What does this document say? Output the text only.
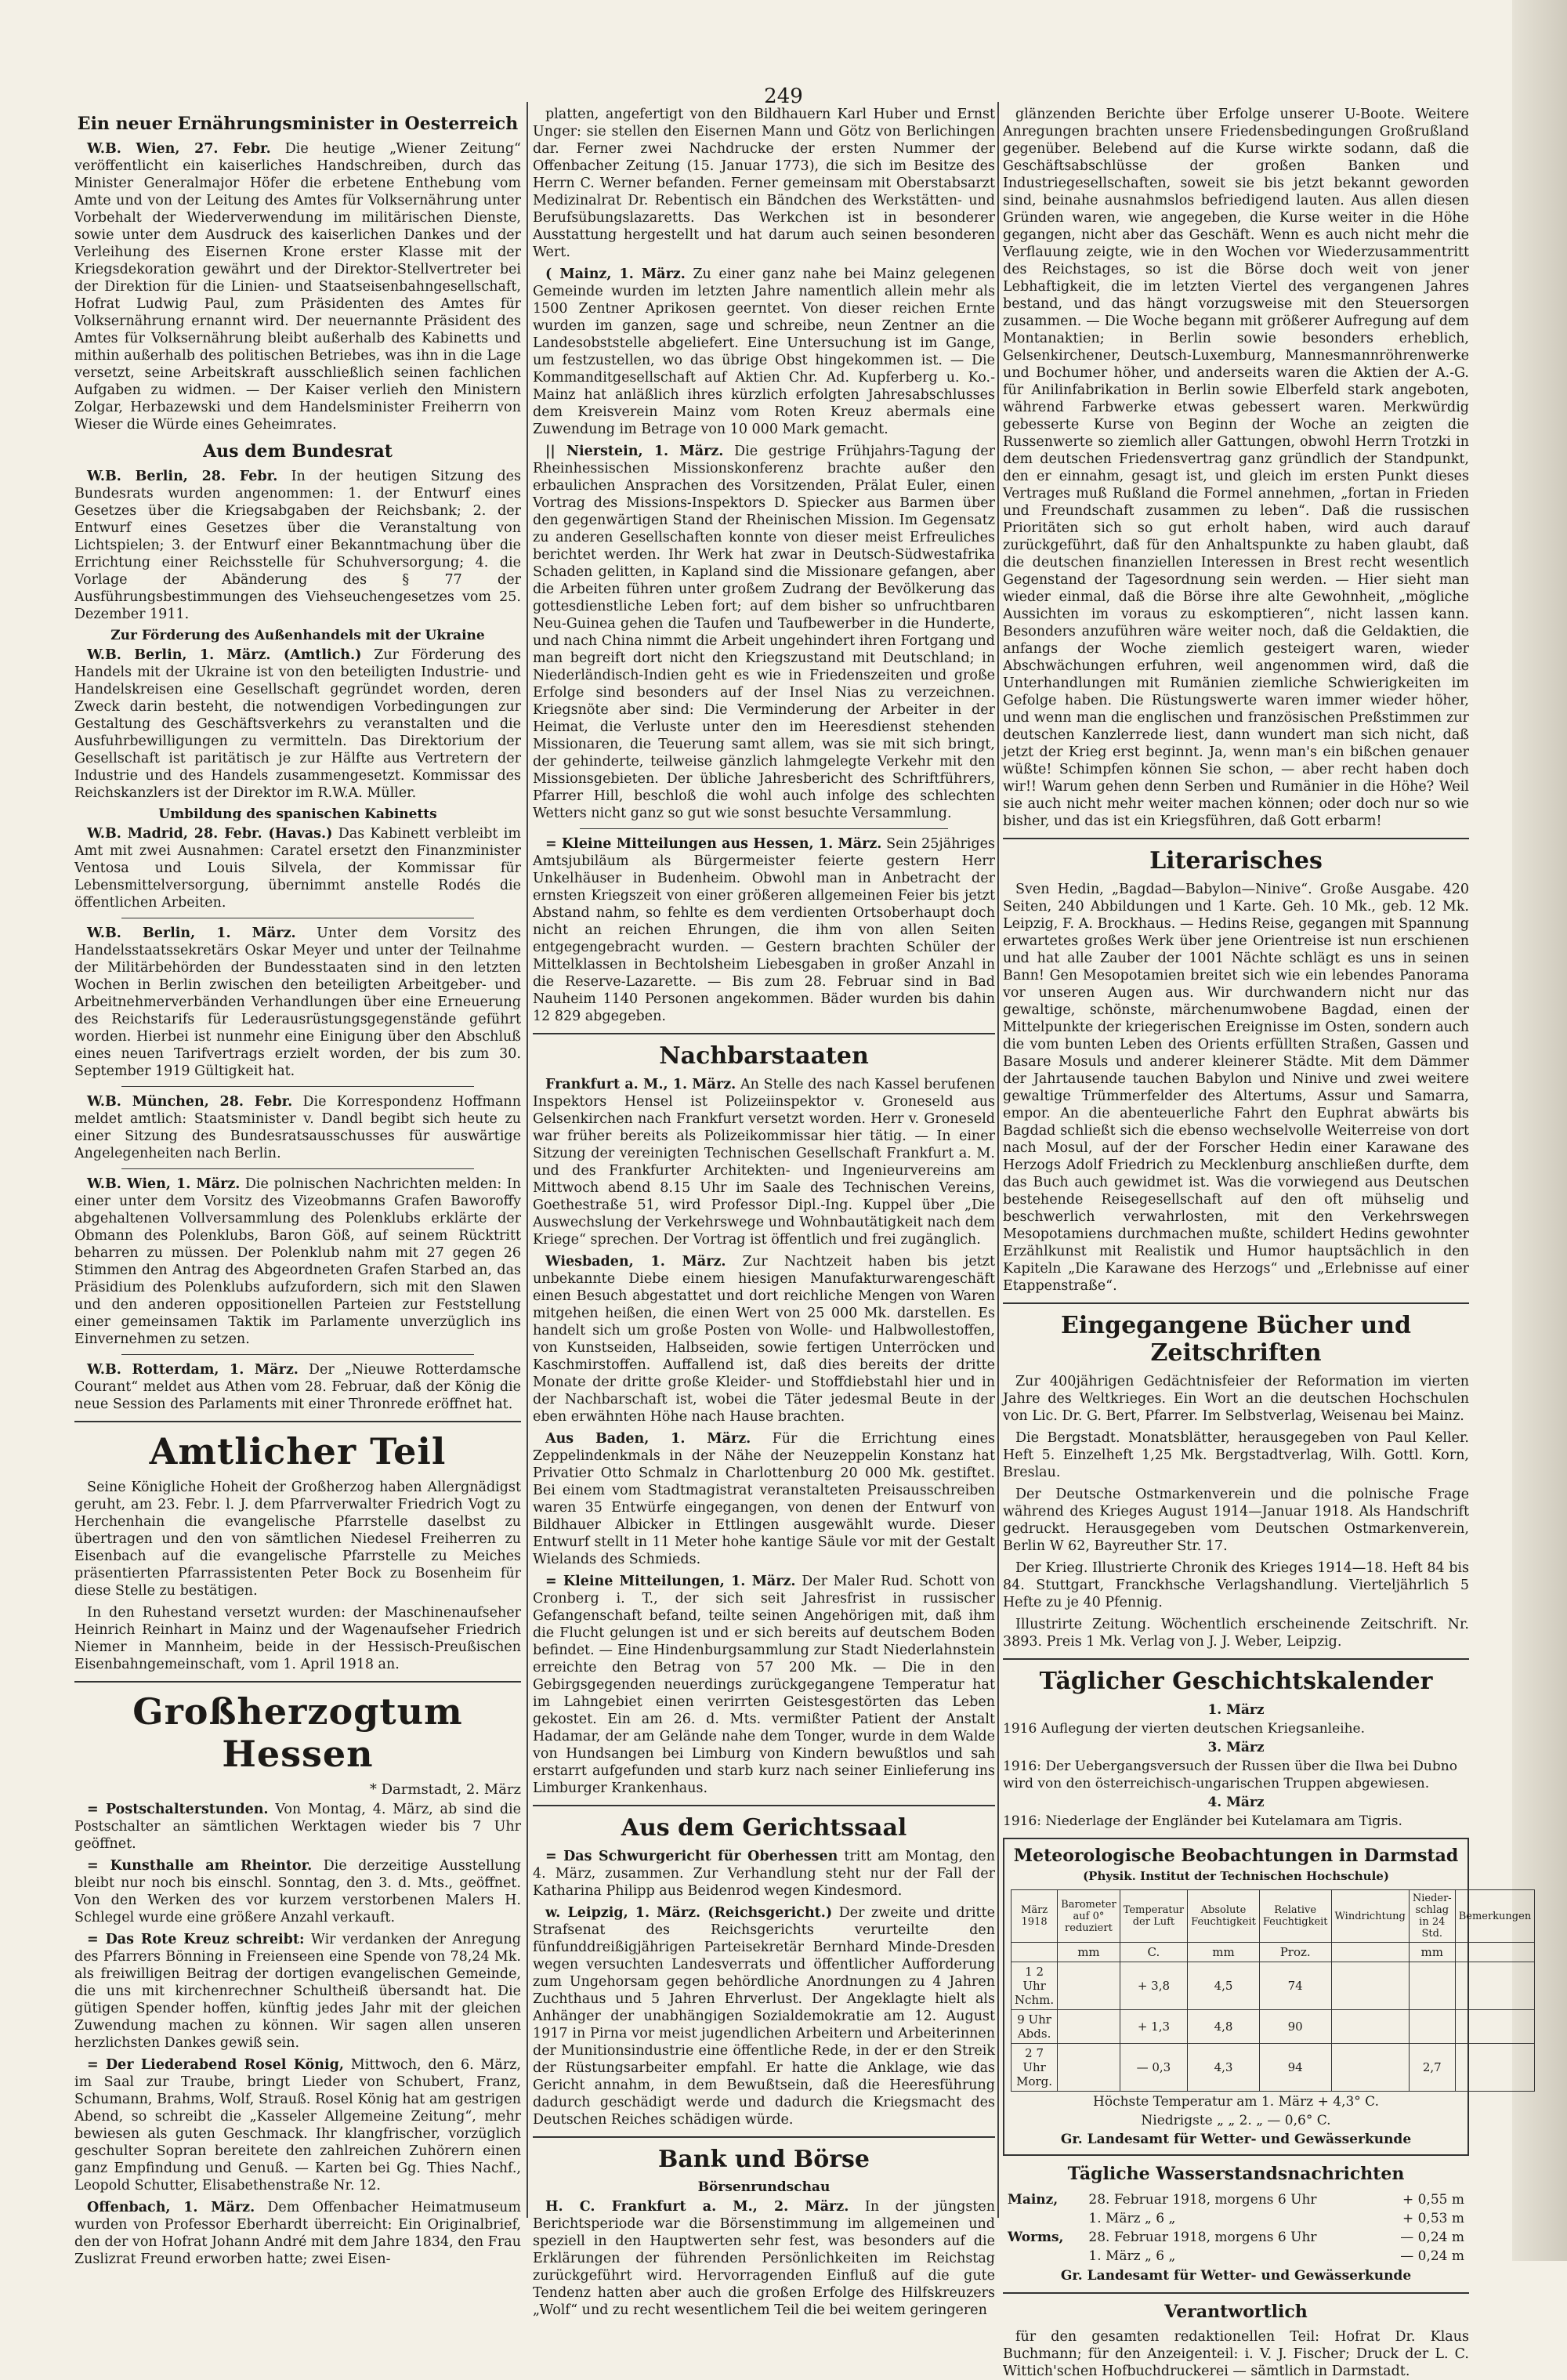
249
Ein neuer Ernährungsminister in Oesterreich

W.B. Wien, 27. Febr. Die heutige „Wiener Zeitung“ veröffentlicht ein kaiserliches Handschreiben, durch das Minister Generalmajor Höfer die erbetene Enthebung vom Amte und von der Leitung des Amtes für Volksernährung unter Vorbehalt der Wiederverwendung im militärischen Dienste, sowie unter dem Ausdruck des kaiserlichen Dankes und der Verleihung des Eisernen Krone erster Klasse mit der Kriegsdekoration gewährt und der Direktor-Stellvertreter bei der Direktion für die Linien- und Staatseisenbahngesellschaft, Hofrat Ludwig Paul, zum Präsidenten des Amtes für Volksernährung ernannt wird. Der neuernannte Präsident des Amtes für Volksernährung bleibt außerhalb des Kabinetts und mithin außerhalb des politischen Betriebes, was ihn in die Lage versetzt, seine Arbeitskraft ausschließlich seinen fachlichen Aufgaben zu widmen. — Der Kaiser verlieh den Ministern Zolgar, Herbazewski und dem Handelsminister Freiherrn von Wieser die Würde eines Geheimrates.

Aus dem Bundesrat

W.B. Berlin, 28. Febr. In der heutigen Sitzung des Bundesrats wurden angenommen: 1. der Entwurf eines Gesetzes über die Kriegsabgaben der Reichsbank; 2. der Entwurf eines Gesetzes über die Veranstaltung von Lichtspielen; 3. der Entwurf einer Bekanntmachung über die Errichtung einer Reichsstelle für Schuhversorgung; 4. die Vorlage der Abänderung des § 77 der Ausführungsbestimmungen des Viehseuchengesetzes vom 25. Dezember 1911.

Zur Förderung des Außenhandels mit der Ukraine

W.B. Berlin, 1. März. (Amtlich.) Zur Förderung des Handels mit der Ukraine ist von den beteiligten Industrie- und Handelskreisen eine Gesellschaft gegründet worden, deren Zweck darin besteht, die notwendigen Vorbedingungen zur Gestaltung des Geschäftsverkehrs zu veranstalten und die Ausfuhrbewilligungen zu vermitteln. Das Direktorium der Gesellschaft ist paritätisch je zur Hälfte aus Vertretern der Industrie und des Handels zusammengesetzt. Kommissar des Reichskanzlers ist der Direktor im R.W.A. Müller.

Umbildung des spanischen Kabinetts

W.B. Madrid, 28. Febr. (Havas.) Das Kabinett verbleibt im Amt mit zwei Ausnahmen: Caratel ersetzt den Finanzminister Ventosa und Louis Silvela, der Kommissar für Lebensmittelversorgung, übernimmt anstelle Rodés die öffentlichen Arbeiten.

W.B. Berlin, 1. März. Unter dem Vorsitz des Handelsstaatssekretärs Oskar Meyer und unter der Teilnahme der Militärbehörden der Bundesstaaten sind in den letzten Wochen in Berlin zwischen den beteiligten Arbeitgeber- und Arbeitnehmerverbänden Verhandlungen über eine Erneuerung des Reichstarifs für Lederausrüstungsgegenstände geführt worden. Hierbei ist nunmehr eine Einigung über den Abschluß eines neuen Tarifvertrags erzielt worden, der bis zum 30. September 1919 Gültigkeit hat.

W.B. München, 28. Febr. Die Korrespondenz Hoffmann meldet amtlich: Staatsminister v. Dandl begibt sich heute zu einer Sitzung des Bundesratsausschusses für auswärtige Angelegenheiten nach Berlin.

W.B. Wien, 1. März. Die polnischen Nachrichten melden: In einer unter dem Vorsitz des Vizeobmanns Grafen Baworoffy abgehaltenen Vollversammlung des Polenklubs erklärte der Obmann des Polenklubs, Baron Göß, auf seinem Rücktritt beharren zu müssen. Der Polenklub nahm mit 27 gegen 26 Stimmen den Antrag des Abgeordneten Grafen Starbed an, das Präsidium des Polenklubs aufzufordern, sich mit den Slawen und den anderen oppositionellen Parteien zur Feststellung einer gemeinsamen Taktik im Parlamente unverzüglich ins Einvernehmen zu setzen.

W.B. Rotterdam, 1. März. Der „Nieuwe Rotterdamsche Courant“ meldet aus Athen vom 28. Februar, daß der König die neue Session des Parlaments mit einer Thronrede eröffnet hat.

Amtlicher Teil

Seine Königliche Hoheit der Großherzog haben Allergnädigst geruht, am 23. Febr. l. J. dem Pfarrverwalter Friedrich Vogt zu Herchenhain die evangelische Pfarrstelle daselbst zu übertragen und den von sämtlichen Niedesel Freiherren zu Eisenbach auf die evangelische Pfarrstelle zu Meiches präsentierten Pfarrassistenten Peter Bock zu Bosenheim für diese Stelle zu bestätigen.

In den Ruhestand versetzt wurden: der Maschinenaufseher Heinrich Reinhart in Mainz und der Wagenaufseher Friedrich Niemer in Mannheim, beide in der Hessisch-Preußischen Eisenbahngemeinschaft, vom 1. April 1918 an.

Großherzogtum Hessen
* Darmstadt, 2. März

= Postschalterstunden. Von Montag, 4. März, ab sind die Postschalter an sämtlichen Werktagen wieder bis 7 Uhr geöffnet.

= Kunsthalle am Rheintor. Die derzeitige Ausstellung bleibt nur noch bis einschl. Sonntag, den 3. d. Mts., geöffnet. Von den Werken des vor kurzem verstorbenen Malers H. Schlegel wurde eine größere Anzahl verkauft.

= Das Rote Kreuz schreibt: Wir verdanken der Anregung des Pfarrers Bönning in Freienseen eine Spende von 78,24 Mk. als freiwilligen Beitrag der dortigen evangelischen Gemeinde, die uns mit kirchenrechner Schultheiß übersandt hat. Die gütigen Spender hoffen, künftig jedes Jahr mit der gleichen Zuwendung machen zu können. Wir sagen allen unseren herzlichsten Dankes gewiß sein.

= Der Liederabend Rosel König, Mittwoch, den 6. März, im Saal zur Traube, bringt Lieder von Schubert, Franz, Schumann, Brahms, Wolf, Strauß. Rosel König hat am gestrigen Abend, so schreibt die „Kasseler Allgemeine Zeitung“, mehr bewiesen als guten Geschmack. Ihr klangfrischer, vorzüglich geschulter Sopran bereitete den zahlreichen Zuhörern einen ganz Empfindung und Genuß. — Karten bei Gg. Thies Nachf., Leopold Schutter, Elisabethenstraße Nr. 12.

Offenbach, 1. März. Dem Offenbacher Heimatmuseum wurden von Professor Eberhardt überreicht: Ein Originalbrief, den der von Hofrat Johann André mit dem Jahre 1834, den Frau Zuslizrat Freund erworben hatte; zwei Eisen-

platten, angefertigt von den Bildhauern Karl Huber und Ernst Unger: sie stellen den Eisernen Mann und Götz von Berlichingen dar. Ferner zwei Nachdrucke der ersten Nummer der Offenbacher Zeitung (15. Januar 1773), die sich im Besitze des Herrn C. Werner befanden. Ferner gemeinsam mit Oberstabsarzt Medizinalrat Dr. Rebentisch ein Bändchen des Werkstätten- und Berufsübungslazaretts. Das Werkchen ist in besonderer Ausstattung hergestellt und hat darum auch seinen besonderen Wert.

( Mainz, 1. März. Zu einer ganz nahe bei Mainz gelegenen Gemeinde wurden im letzten Jahre namentlich allein mehr als 1500 Zentner Aprikosen geerntet. Von dieser reichen Ernte wurden im ganzen, sage und schreibe, neun Zentner an die Landesobststelle abgeliefert. Eine Untersuchung ist im Gange, um festzustellen, wo das übrige Obst hingekommen ist. — Die Kommanditgesellschaft auf Aktien Chr. Ad. Kupferberg u. Ko.-Mainz hat anläßlich ihres kürzlich erfolgten Jahresabschlusses dem Kreisverein Mainz vom Roten Kreuz abermals eine Zuwendung im Betrage von 10 000 Mark gemacht.

|| Nierstein, 1. März. Die gestrige Frühjahrs-Tagung der Rheinhessischen Missionskonferenz brachte außer den erbaulichen Ansprachen des Vorsitzenden, Prälat Euler, einen Vortrag des Missions-Inspektors D. Spiecker aus Barmen über den gegenwärtigen Stand der Rheinischen Mission. Im Gegensatz zu anderen Gesellschaften konnte von dieser meist Erfreuliches berichtet werden. Ihr Werk hat zwar in Deutsch-Südwestafrika Schaden gelitten, in Kapland sind die Missionare gefangen, aber die Arbeiten führen unter großem Zudrang der Bevölkerung das gottesdienstliche Leben fort; auf dem bisher so unfruchtbaren Neu-Guinea gehen die Taufen und Taufbewerber in die Hunderte, und nach China nimmt die Arbeit ungehindert ihren Fortgang und man begreift dort nicht den Kriegszustand mit Deutschland; in Niederländisch-Indien geht es wie in Friedenszeiten und große Erfolge sind besonders auf der Insel Nias zu verzeichnen. Kriegsnöte aber sind: Die Verminderung der Arbeiter in der Heimat, die Verluste unter den im Heeresdienst stehenden Missionaren, die Teuerung samt allem, was sie mit sich bringt, der gehinderte, teilweise gänzlich lahmgelegte Verkehr mit den Missionsgebieten. Der übliche Jahresbericht des Schriftführers, Pfarrer Hill, beschloß die wohl auch infolge des schlechten Wetters nicht ganz so gut wie sonst besuchte Versammlung.

= Kleine Mitteilungen aus Hessen, 1. März. Sein 25jähriges Amtsjubiläum als Bürgermeister feierte gestern Herr Unkelhäuser in Budenheim. Obwohl man in Anbetracht der ernsten Kriegszeit von einer größeren allgemeinen Feier bis jetzt Abstand nahm, so fehlte es dem verdienten Ortsoberhaupt doch nicht an reichen Ehrungen, die ihm von allen Seiten entgegengebracht wurden. — Gestern brachten Schüler der Mittelklassen in Bechtolsheim Liebesgaben in großer Anzahl in die Reserve-Lazarette. — Bis zum 28. Februar sind in Bad Nauheim 1140 Personen angekommen. Bäder wurden bis dahin 12 829 abgegeben.

Nachbarstaaten

Frankfurt a. M., 1. März. An Stelle des nach Kassel berufenen Inspektors Hensel ist Polizeiinspektor v. Groneseld aus Gelsenkirchen nach Frankfurt versetzt worden. Herr v. Groneseld war früher bereits als Polizeikommissar hier tätig. — In einer Sitzung der vereinigten Technischen Gesellschaft Frankfurt a. M. und des Frankfurter Architekten- und Ingenieurvereins am Mittwoch abend 8.15 Uhr im Saale des Technischen Vereins, Goethestraße 51, wird Professor Dipl.-Ing. Kuppel über „Die Auswechslung der Verkehrswege und Wohnbautätigkeit nach dem Kriege“ sprechen. Der Vortrag ist öffentlich und frei zugänglich.

Wiesbaden, 1. März. Zur Nachtzeit haben bis jetzt unbekannte Diebe einem hiesigen Manufakturwarengeschäft einen Besuch abgestattet und dort reichliche Mengen von Waren mitgehen heißen, die einen Wert von 25 000 Mk. darstellen. Es handelt sich um große Posten von Wolle- und Halbwollestoffen, von Kunstseiden, Halbseiden, sowie fertigen Unterröcken und Kaschmirstoffen. Auffallend ist, daß dies bereits der dritte Monate der dritte große Kleider- und Stoffdiebstahl hier und in der Nachbarschaft ist, wobei die Täter jedesmal Beute in der eben erwähnten Höhe nach Hause brachten.

Aus Baden, 1. März. Für die Errichtung eines Zeppelindenkmals in der Nähe der Neuzeppelin Konstanz hat Privatier Otto Schmalz in Charlottenburg 20 000 Mk. gestiftet. Bei einem vom Stadtmagistrat veranstalteten Preisausschreiben waren 35 Entwürfe eingegangen, von denen der Entwurf von Bildhauer Albicker in Ettlingen ausgewählt wurde. Dieser Entwurf stellt in 11 Meter hohe kantige Säule vor mit der Gestalt Wielands des Schmieds.

= Kleine Mitteilungen, 1. März. Der Maler Rud. Schott von Cronberg i. T., der sich seit Jahresfrist in russischer Gefangenschaft befand, teilte seinen Angehörigen mit, daß ihm die Flucht gelungen ist und er sich bereits auf deutschem Boden befindet. — Eine Hindenburgsammlung zur Stadt Niederlahnstein erreichte den Betrag von 57 200 Mk. — Die in den Gebirgsgegenden neuerdings zurückgegangene Temperatur hat im Lahngebiet einen verirrten Geistesgestörten das Leben gekostet. Ein am 26. d. Mts. vermißter Patient der Anstalt Hadamar, der am Gelände nahe dem Tonger, wurde in dem Walde von Hundsangen bei Limburg von Kindern bewußtlos und sah erstarrt aufgefunden und starb kurz nach seiner Einlieferung ins Limburger Krankenhaus.

Aus dem Gerichtssaal

= Das Schwurgericht für Oberhessen tritt am Montag, den 4. März, zusammen. Zur Verhandlung steht nur der Fall der Katharina Philipp aus Beidenrod wegen Kindesmord.

w. Leipzig, 1. März. (Reichsgericht.) Der zweite und dritte Strafsenat des Reichsgerichts verurteilte den fünfunddreißigjährigen Parteisekretär Bernhard Minde-Dresden wegen versuchten Landesverrats und öffentlicher Aufforderung zum Ungehorsam gegen behördliche Anordnungen zu 4 Jahren Zuchthaus und 5 Jahren Ehrverlust. Der Angeklagte hielt als Anhänger der unabhängigen Sozialdemokratie am 12. August 1917 in Pirna vor meist jugendlichen Arbeitern und Arbeiterinnen der Munitionsindustrie eine öffentliche Rede, in der er den Streik der Rüstungsarbeiter empfahl. Er hatte die Anklage, wie das Gericht annahm, in dem Bewußtsein, daß die Heeresführung dadurch geschädigt werde und dadurch die Kriegsmacht des Deutschen Reiches schädigen würde.

Bank und Börse
Börsenrundschau

H. C. Frankfurt a. M., 2. März. In der jüngsten Berichtsperiode war die Börsenstimmung im allgemeinen und speziell in den Hauptwerten sehr fest, was besonders auf die Erklärungen der führenden Persönlichkeiten im Reichstag zurückgeführt wird. Hervorragenden Einfluß auf die gute Tendenz hatten aber auch die großen Erfolge des Hilfskreuzers „Wolf“ und zu recht wesentlichem Teil die bei weitem geringeren

glänzenden Berichte über Erfolge unserer U-Boote. Weitere Anregungen brachten unsere Friedensbedingungen Großrußland gegenüber. Belebend auf die Kurse wirkte sodann, daß die Geschäftsabschlüsse der großen Banken und Industriegesellschaften, soweit sie bis jetzt bekannt geworden sind, beinahe ausnahmslos befriedigend lauten. Aus allen diesen Gründen waren, wie angegeben, die Kurse weiter in die Höhe gegangen, nicht aber das Geschäft. Wenn es auch nicht mehr die Verflauung zeigte, wie in den Wochen vor Wiederzusammentritt des Reichstages, so ist die Börse doch weit von jener Lebhaftigkeit, die im letzten Viertel des vergangenen Jahres bestand, und das hängt vorzugsweise mit den Steuersorgen zusammen. — Die Woche begann mit größerer Aufregung auf dem Montanaktien; in Berlin sowie besonders erheblich, Gelsenkirchener, Deutsch-Luxemburg, Mannesmannröhrenwerke und Bochumer höher, und anderseits waren die Aktien der A.-G. für Anilinfabrikation in Berlin sowie Elberfeld stark angeboten, während Farbwerke etwas gebessert waren. Merkwürdig gebesserte Kurse von Beginn der Woche an zeigten die Russenwerte so ziemlich aller Gattungen, obwohl Herrn Trotzki in dem deutschen Friedensvertrag ganz gründlich der Standpunkt, den er einnahm, gesagt ist, und gleich im ersten Punkt dieses Vertrages muß Rußland die Formel annehmen, „fortan in Frieden und Freundschaft zusammen zu leben“. Daß die russischen Prioritäten sich so gut erholt haben, wird auch darauf zurückgeführt, daß für den Anhaltspunkte zu haben glaubt, daß die deutschen finanziellen Interessen in Brest recht wesentlich Gegenstand der Tagesordnung sein werden. — Hier sieht man wieder einmal, daß die Börse ihre alte Gewohnheit, „mögliche Aussichten im voraus zu eskomptieren“, nicht lassen kann. Besonders anzuführen wäre weiter noch, daß die Geldaktien, die anfangs der Woche ziemlich gesteigert waren, wieder Abschwächungen erfuhren, weil angenommen wird, daß die Unterhandlungen mit Rumänien ziemliche Schwierigkeiten im Gefolge haben. Die Rüstungswerte waren immer wieder höher, und wenn man die englischen und französischen Preßstimmen zur deutschen Kanzlerrede liest, dann wundert man sich nicht, daß jetzt der Krieg erst beginnt. Ja, wenn man's ein bißchen genauer wüßte! Schimpfen können Sie schon, — aber recht haben doch wir!! Warum gehen denn Serben und Rumänier in die Höhe? Weil sie auch nicht mehr weiter machen können; oder doch nur so wie bisher, und das ist ein Kriegsführen, daß Gott erbarm!

Literarisches

Sven Hedin, „Bagdad—Babylon—Ninive“. Große Ausgabe. 420 Seiten, 240 Abbildungen und 1 Karte. Geh. 10 Mk., geb. 12 Mk. Leipzig, F. A. Brockhaus. — Hedins Reise, gegangen mit Spannung erwartetes großes Werk über jene Orientreise ist nun erschienen und hat alle Zauber der 1001 Nächte schlägt es uns in seinen Bann! Gen Mesopotamien breitet sich wie ein lebendes Panorama vor unseren Augen aus. Wir durchwandern nicht nur das gewaltige, schönste, märchenumwobene Bagdad, einen der Mittelpunkte der kriegerischen Ereignisse im Osten, sondern auch die vom bunten Leben des Orients erfüllten Straßen, Gassen und Basare Mosuls und anderer kleinerer Städte. Mit dem Dämmer der Jahrtausende tauchen Babylon und Ninive und zwei weitere gewaltige Trümmerfelder des Altertums, Assur und Samarra, empor. An die abenteuerliche Fahrt den Euphrat abwärts bis Bagdad schließt sich die ebenso wechselvolle Weiterreise von dort nach Mosul, auf der der Forscher Hedin einer Karawane des Herzogs Adolf Friedrich zu Mecklenburg anschließen durfte, dem das Buch auch gewidmet ist. Was die vorwiegend aus Deutschen bestehende Reisegesellschaft auf den oft mühselig und beschwerlich verwahrlosten, mit den Verkehrswegen Mesopotamiens durchmachen mußte, schildert Hedins gewohnter Erzählkunst mit Realistik und Humor hauptsächlich in den Kapiteln „Die Karawane des Herzogs“ und „Erlebnisse auf einer Etappenstraße“.

Eingegangene Bücher und Zeitschriften

Zur 400jährigen Gedächtnisfeier der Reformation im vierten Jahre des Weltkrieges. Ein Wort an die deutschen Hochschulen von Lic. Dr. G. Bert, Pfarrer. Im Selbstverlag, Weisenau bei Mainz.

Die Bergstadt. Monatsblätter, herausgegeben von Paul Keller. Heft 5. Einzelheft 1,25 Mk. Bergstadtverlag, Wilh. Gottl. Korn, Breslau.

Der Deutsche Ostmarkenverein und die polnische Frage während des Krieges August 1914—Januar 1918. Als Handschrift gedruckt. Herausgegeben vom Deutschen Ostmarkenverein, Berlin W 62, Bayreuther Str. 17.

Der Krieg. Illustrierte Chronik des Krieges 1914—18. Heft 84 bis 84. Stuttgart, Franckhsche Verlagshandlung. Vierteljährlich 5 Hefte zu je 40 Pfennig.

Illustrirte Zeitung. Wöchentlich erscheinende Zeitschrift. Nr. 3893. Preis 1 Mk. Verlag von J. J. Weber, Leipzig.

Täglicher Geschichtskalender
1. März
1916 Auflegung der vierten deutschen Kriegsanleihe.
3. März
1916: Der Uebergangsversuch der Russen über die Ilwa bei Dubno wird von den österreichisch-ungarischen Truppen abgewiesen.
4. März
1916: Niederlage der Engländer bei Kutelamara am Tigris.
Meteorologische Beobachtungen in Darmstad
(Physik. Institut der Technischen Hochschule)
März 1918	Barometer auf 0° reduziert	Temperatur der Luft	Absolute Feuchtigkeit	Relative Feuchtigkeit	Windrichtung	Nieder-schlag in 24 Std.	Bemerkungen
	mm	C.	mm	Proz.		mm	
1 2 Uhr Nchm.		+ 3,8	4,5	74			
9 Uhr Abds.		+ 1,3	4,8	90			
2 7 Uhr Morg.		— 0,3	4,3	94		2,7	
Höchste Temperatur am 1. März + 4,3° C.
Niedrigste „ „ 2. „ — 0,6° C.
Gr. Landesamt für Wetter- und Gewässerkunde
Tägliche Wasserstandsnachrichten
Mainz,	28. Februar 1918, morgens 6 Uhr	+ 0,55 m
	1. März „ 6 „	+ 0,53 m
Worms,	28. Februar 1918, morgens 6 Uhr	— 0,24 m
	1. März „ 6 „	— 0,24 m
Gr. Landesamt für Wetter- und Gewässerkunde
Verantwortlich

für den gesamten redaktionellen Teil: Hofrat Dr. Klaus Buchmann; für den Anzeigenteil: i. V. J. Fischer; Druck der L. C. Wittich'schen Hofbuchdruckerei — sämtlich in Darmstadt.
